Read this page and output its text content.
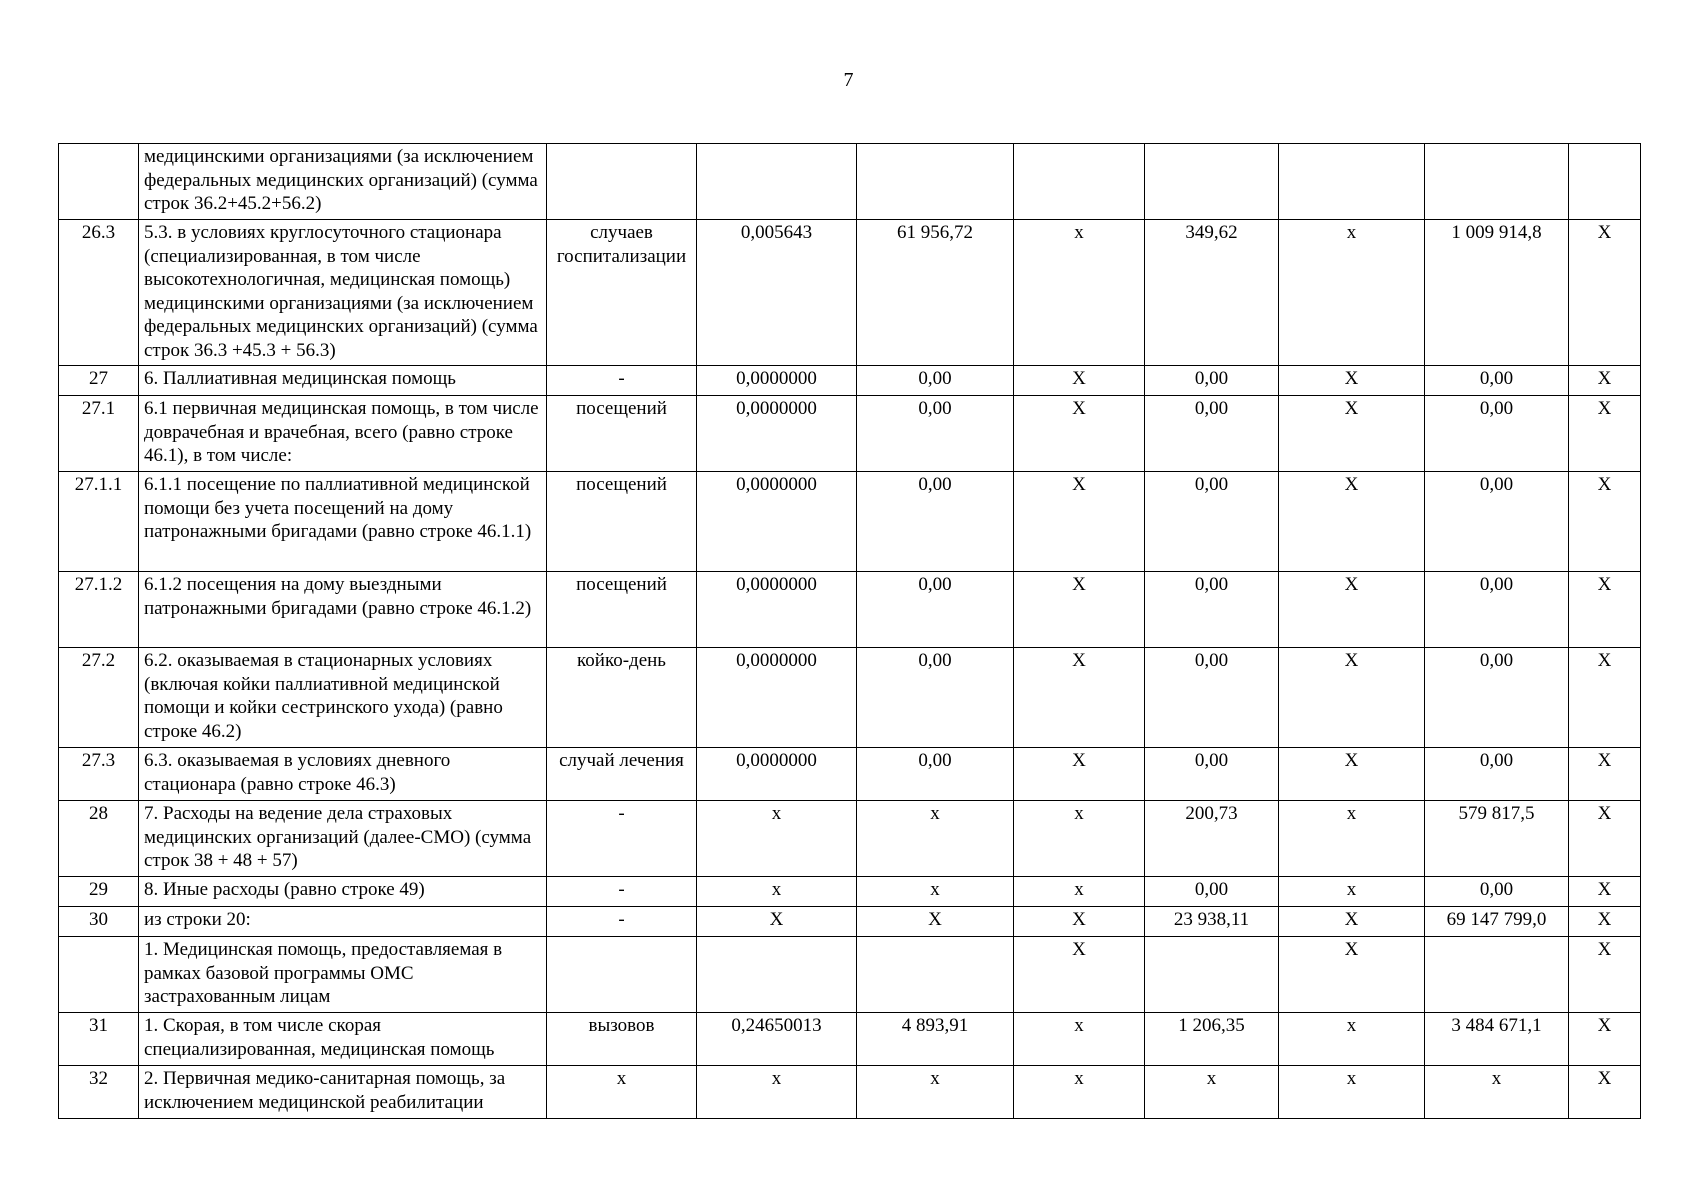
7
	медицинскими организациями (за исключением федеральных медицинских организаций) (сумма строк 36.2+45.2+56.2)								
26.3	5.3. в условиях круглосуточного стационара (специализированная, в том числе высокотехнологичная, медицинская помощь) медицинскими организациями (за исключением федеральных медицинских организаций) (сумма строк 36.3 +45.3 + 56.3)	случаев госпитализации	0,005643	61 956,72	х	349,62	х	1 009 914,8	X
27	6. Паллиативная медицинская помощь	-	0,0000000	0,00	X	0,00	X	0,00	X
27.1	6.1 первичная медицинская помощь, в том числе доврачебная и врачебная, всего (равно строке 46.1), в том числе:	посещений	0,0000000	0,00	X	0,00	X	0,00	X
27.1.1	6.1.1 посещение по паллиативной медицинской помощи без учета посещений на дому патронажными бригадами (равно строке 46.1.1)	посещений	0,0000000	0,00	X	0,00	X	0,00	X
27.1.2	6.1.2 посещения на дому выездными патронажными бригадами (равно строке 46.1.2)	посещений	0,0000000	0,00	X	0,00	X	0,00	X
27.2	6.2. оказываемая в стационарных условиях (включая койки паллиативной медицинской помощи и койки сестринского ухода) (равно строке 46.2)	койко-день	0,0000000	0,00	X	0,00	X	0,00	X
27.3	6.3. оказываемая в условиях дневного стационара (равно строке 46.3)	случай лечения	0,0000000	0,00	X	0,00	X	0,00	X
28	7. Расходы на ведение дела страховых медицинских организаций (далее-СМО) (сумма строк 38 + 48 + 57)	-	х	х	х	200,73	х	579 817,5	X
29	8. Иные расходы (равно строке 49)	-	х	х	х	0,00	х	0,00	X
30	из строки 20:	-	X	X	X	23 938,11	X	69 147 799,0	X
	1. Медицинская помощь, предоставляемая в рамках базовой программы ОМС застрахованным лицам				X		X		X
31	1. Скорая, в том числе скорая специализированная, медицинская помощь	вызовов	0,24650013	4 893,91	х	1 206,35	х	3 484 671,1	X
32	2. Первичная медико-санитарная помощь, за исключением медицинской реабилитации	х	х	х	х	х	х	х	X
